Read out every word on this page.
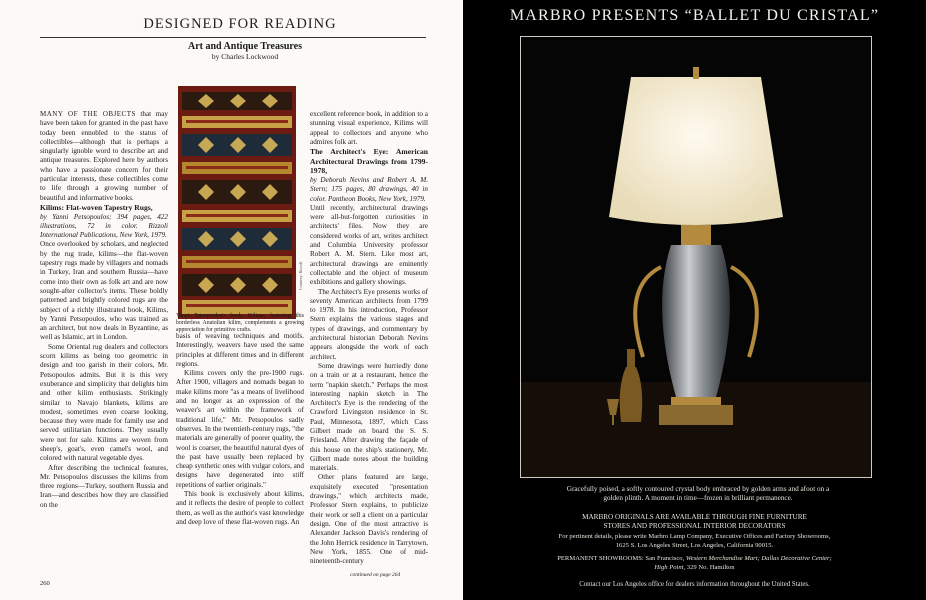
DESIGNED FOR READING
Art and Antique Treasures
by Charles Lockwood

MANY OF THE OBJECTS that may have been taken for granted in the past have today been ennobled to the status of collectibles—although that is perhaps a singularly ignoble word to describe art and antique treasures. Explored here by authors who have a passionate concern for their particular interests, these collectibles come to life through a growing number of beautiful and informative books.

Kilims: Flat-woven Tapestry Rugs,

by Yanni Petsopoulos; 394 pages, 422 illustrations, 72 in color. Rizzoli International Publications, New York, 1979.

Once overlooked by scholars, and neglected by the rug trade, kilims—the flat-woven tapestry rugs made by villagers and nomads in Turkey, Iran and southern Russia—have come into their own as folk art and are now sought-after collector's items. These boldly patterned and brightly colored rugs are the subject of a richly illustrated book, Kilims, by Yanni Petsopoulos, who was trained as an architect, but now deals in Byzantine, as well as Islamic, art in London.

Some Oriental rug dealers and collectors scorn kilims as being too geometric in design and too garish in their colors, Mr. Petsopoulos admits. But it is this very exuberance and simplicity that delights him and other kilim enthusiasts. Strikingly similar to Navajo blankets, kilims are modest, sometimes even coarse looking, because they were made for family use and served utilitarian functions. They usually were not for sale. Kilims are woven from sheep's, goat's, even camel's wool, and colored with natural vegetable dyes.

After describing the technical features, Mr. Petsopoulos discusses the kilims from three regions—Turkey, southern Russia and Iran—and describes how they are classified on the

Courtesy: Rizzoli
Yanni Petsopoulos's book, Kilims, featuring this borderless Anatolian kilim, complements a growing appreciation for primitive crafts.

basis of weaving techniques and motifs. Interestingly, weavers have used the same principles at different times and in different regions.

Kilims covers only the pre-1900 rugs. After 1900, villagers and nomads began to make kilims more "as a means of livelihood and no longer as an expression of the weaver's art within the framework of traditional life," Mr. Petsopoulos sadly observes. In the twentieth-century rugs, "the materials are generally of poorer quality, the wool is coarser, the beautiful natural dyes of the past have usually been replaced by cheap synthetic ones with vulgar colors, and designs have degenerated into stiff repetitions of earlier originals."

This book is exclusively about kilims, and it reflects the desire of people to collect them, as well as the author's vast knowledge and deep love of these flat-woven rugs. An

excellent reference book, in addition to a stunning visual experience, Kilims will appeal to collectors and anyone who admires folk art.

The Architect's Eye: American Architectural Drawings from 1799-1978,

by Deborah Nevins and Robert A. M. Stern; 175 pages, 80 drawings, 40 in color. Pantheon Books, New York, 1979.

Until recently, architectural drawings were all-but-forgotten curiosities in architects' files. Now they are considered works of art, writes architect and Columbia University professor Robert A. M. Stern. Like most art, architectural drawings are eminently collectable and the object of museum exhibitions and gallery showings.

The Architect's Eye presents works of seventy American architects from 1799 to 1978. In his introduction, Professor Stern explains the various stages and types of drawings, and commentary by architectural historian Deborah Nevins appears alongside the work of each architect.

Some drawings were hurriedly done on a train or at a restaurant, hence the term "napkin sketch." Perhaps the most interesting napkin sketch in The Architect's Eye is the rendering of the Crawford Livingston residence in St. Paul, Minnesota, 1897, which Cass Gilbert made on board the S. S. Friesland. After drawing the façade of this house on the ship's stationery, Mr. Gilbert made notes about the building materials.

Other plans featured are large, exquisitely executed "presentation drawings," which architects made, Professor Stern explains, to publicize their work or sell a client on a particular design. One of the most attractive is Alexander Jackson Davis's rendering of the John Herrick residence in Tarrytown, New York, 1855. One of mid-nineteenth-century

260
continued on page 264
MARBRO PRESENTS “BALLET DU CRISTAL”
Gracefully poised, a softly contoured crystal body embraced by golden arms and afoot on a golden plinth. A moment in time—frozen in brilliant permanence.
MARBRO ORIGINALS ARE AVAILABLE THROUGH FINE FURNITURE
STORES AND PROFESSIONAL INTERIOR DECORATORS
For pertinent details, please write Marbro Lamp Company, Executive Offices and Factory Showrooms,
1625 S. Los Angeles Street, Los Angeles, California 90015.
PERMANENT SHOWROOMS: San Francisco, Western Merchandise Mart; Dallas Decorative Center;
High Point, 329 No. Hamilton
Contact our Los Angeles office for dealers information throughout the United States.
